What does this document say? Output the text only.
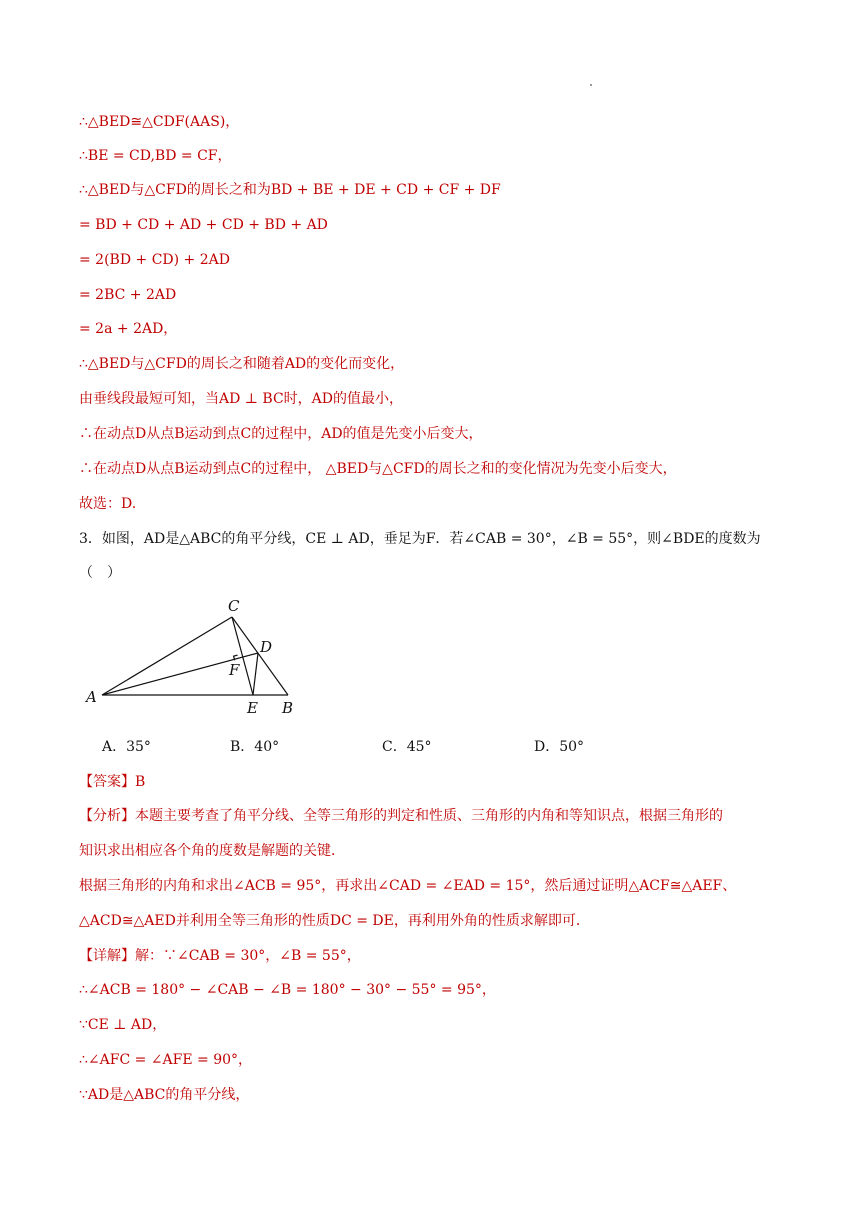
∴△BED≅△CDF(AAS)，
∴BE = CD,BD = CF，
∴△BED与△CFD的周长之和为BD + BE + DE + CD + CF + DF
= BD + CD + AD + CD + BD + AD
= 2(BD + CD) + 2AD
= 2BC + 2AD
= 2a + 2AD，
∴△BED与△CFD的周长之和随着AD的变化而变化，
由垂线段最短可知，当AD ⊥ BC时，AD的值最小，
∴在动点D从点B运动到点C的过程中，AD的值是先变小后变大，
∴在动点D从点B运动到点C的过程中， △BED与△CFD的周长之和的变化情况为先变小后变大，
故选：D.
3．如图，AD是△ABC的角平分线，CE ⊥ AD，垂足为F．若∠CAB = 30°，∠B = 55°，则∠BDE的度数为
（　）
C
D
F
A
E B
A．35°	B．40°	C．45°	D．50°
【答案】B
【分析】本题主要考查了角平分线、全等三角形的判定和性质、三角形的内角和等知识点，根据三角形的
知识求出相应各个角的度数是解题的关键．
根据三角形的内角和求出∠ACB = 95°，再求出∠CAD = ∠EAD = 15°，然后通过证明△ACF≅△AEF、
△ACD≅△AED并利用全等三角形的性质DC = DE，再利用外角的性质求解即可．
【详解】解：∵∠CAB = 30°，∠B = 55°，
∴∠ACB = 180° − ∠CAB − ∠B = 180° − 30° − 55° = 95°，
∵CE ⊥ AD，
∴∠AFC = ∠AFE = 90°，
∵AD是△ABC的角平分线，
